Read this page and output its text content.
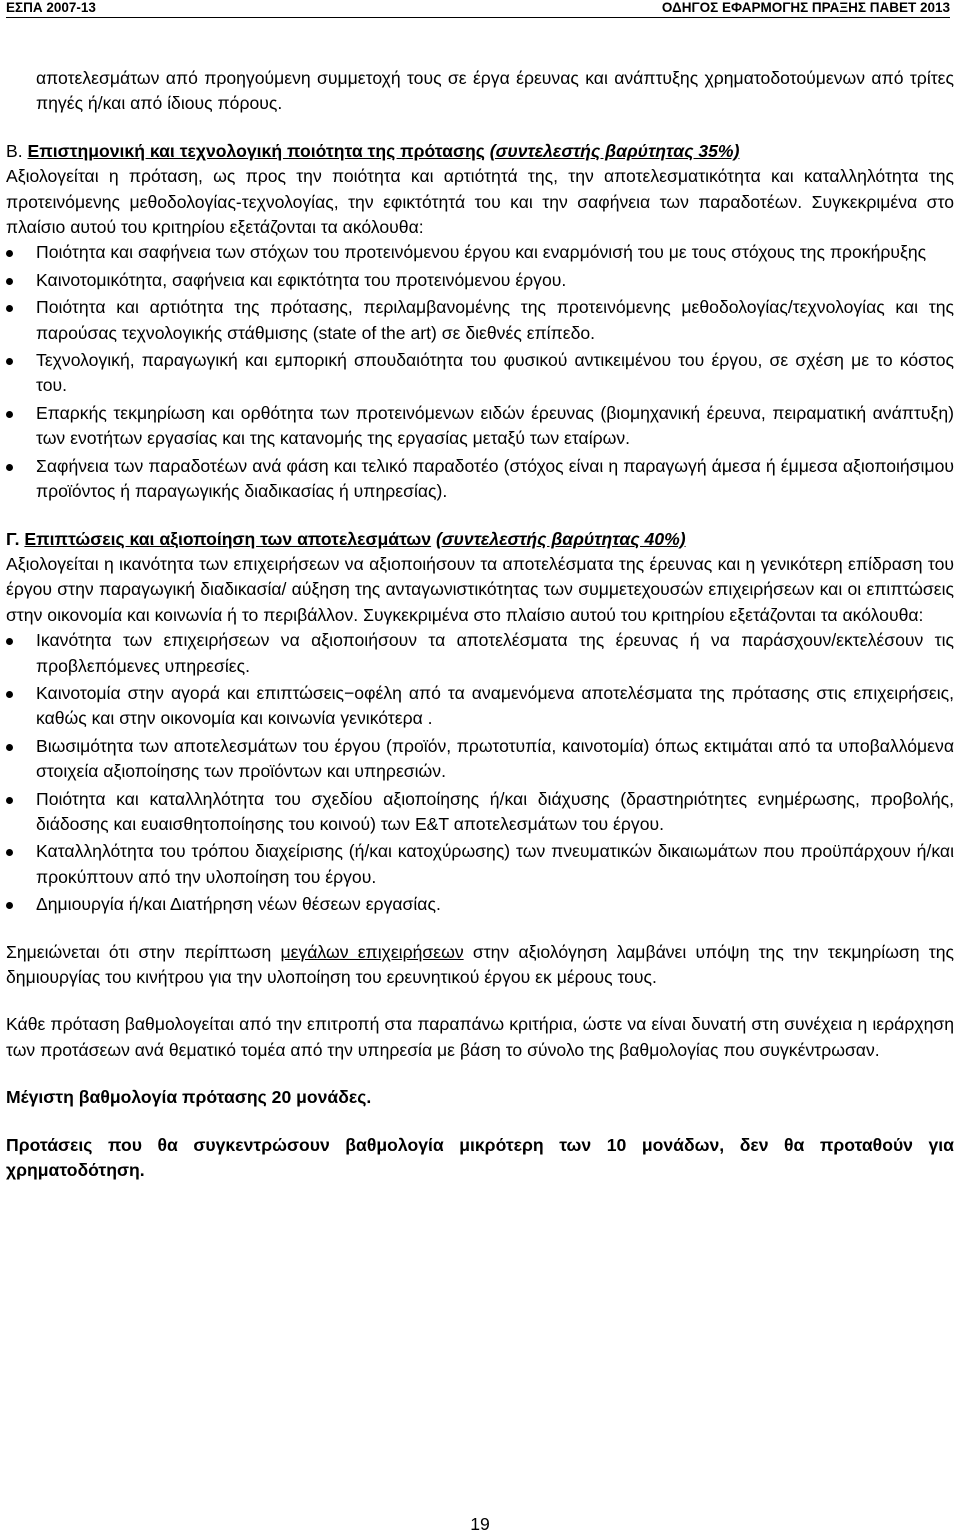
ΕΣΠΑ 2007-13	ΟΔΗΓΟΣ ΕΦΑΡΜΟΓΗΣ ΠΡΑΞΗΣ ΠΑΒΕΤ 2013

αποτελεσμάτων από προηγούμενη συμμετοχή τους σε έργα έρευνας και ανάπτυξης χρηματοδοτούμενων από τρίτες πηγές ή/και από ίδιους πόρους.

Β. Επιστημονική και τεχνολογική ποιότητα της πρότασης (συντελεστής βαρύτητας 35%)

Αξιολογείται η πρόταση, ως προς την ποιότητα και αρτιότητά της, την αποτελεσματικότητα και καταλληλότητα της προτεινόμενης μεθοδολογίας-τεχνολογίας, την εφικτότητά του και την σαφήνεια των παραδοτέων. Συγκεκριμένα στο πλαίσιο αυτού του κριτηρίου εξετάζονται τα ακόλουθα:

Ποιότητα και σαφήνεια των στόχων του προτεινόμενου έργου και εναρμόνισή του με τους στόχους της προκήρυξης
Καινοτομικότητα, σαφήνεια και εφικτότητα του προτεινόμενου έργου.
Ποιότητα και αρτιότητα της πρότασης, περιλαμβανομένης της προτεινόμενης μεθοδολογίας/τεχνολογίας και της παρούσας τεχνολογικής στάθμισης (state of the art) σε διεθνές επίπεδο.
Τεχνολογική, παραγωγική και εμπορική σπουδαιότητα του φυσικού αντικειμένου του έργου, σε σχέση με το κόστος του.
Επαρκής τεκμηρίωση και ορθότητα των προτεινόμενων ειδών έρευνας (βιομηχανική έρευνα, πειραματική ανάπτυξη) των ενοτήτων εργασίας και της κατανομής της εργασίας μεταξύ των εταίρων.
Σαφήνεια των παραδοτέων ανά φάση και τελικό παραδοτέο (στόχος είναι η παραγωγή άμεσα ή έμμεσα αξιοποιήσιμου προϊόντος ή παραγωγικής διαδικασίας ή υπηρεσίας).

Γ. Επιπτώσεις και αξιοποίηση των αποτελεσμάτων (συντελεστής βαρύτητας 40%)

Αξιολογείται η ικανότητα των επιχειρήσεων να αξιοποιήσουν τα αποτελέσματα της έρευνας και η γενικότερη επίδραση του έργου στην παραγωγική διαδικασία/ αύξηση της ανταγωνιστικότητας των συμμετεχουσών επιχειρήσεων και οι επιπτώσεις στην οικονομία και κοινωνία ή το περιβάλλον. Συγκεκριμένα στο πλαίσιο αυτού του κριτηρίου εξετάζονται τα ακόλουθα:

Ικανότητα των επιχειρήσεων να αξιοποιήσουν τα αποτελέσματα της έρευνας ή να παράσχουν/εκτελέσουν τις προβλεπόμενες υπηρεσίες.
Καινοτομία στην αγορά και επιπτώσεις−οφέλη από τα αναμενόμενα αποτελέσματα της πρότασης στις επιχειρήσεις, καθώς και στην οικονομία και κοινωνία γενικότερα .
Βιωσιμότητα των αποτελεσμάτων του έργου (προϊόν, πρωτοτυπία, καινοτομία) όπως εκτιμάται από τα υποβαλλόμενα στοιχεία αξιοποίησης των προϊόντων και υπηρεσιών.
Ποιότητα και καταλληλότητα του σχεδίου αξιοποίησης ή/και διάχυσης (δραστηριότητες ενημέρωσης, προβολής, διάδοσης και ευαισθητοποίησης του κοινού) των Ε&Τ αποτελεσμάτων του έργου.
Καταλληλότητα του τρόπου διαχείρισης (ή/και κατοχύρωσης) των πνευματικών δικαιωμάτων που προϋπάρχουν ή/και προκύπτουν από την υλοποίηση του έργου.
Δημιουργία ή/και Διατήρηση νέων θέσεων εργασίας.

Σημειώνεται ότι στην περίπτωση μεγάλων επιχειρήσεων στην αξιολόγηση λαμβάνει υπόψη της την τεκμηρίωση της δημιουργίας του κινήτρου για την υλοποίηση του ερευνητικού έργου εκ μέρους τους.

Κάθε πρόταση βαθμολογείται από την επιτροπή στα παραπάνω κριτήρια, ώστε να είναι δυνατή στη συνέχεια η ιεράρχηση των προτάσεων ανά θεματικό τομέα από την υπηρεσία με βάση το σύνολο της βαθμολογίας που συγκέντρωσαν.

Μέγιστη βαθμολογία πρότασης 20 μονάδες.

Προτάσεις που θα συγκεντρώσουν βαθμολογία μικρότερη των 10 μονάδων, δεν θα προταθούν για χρηματοδότηση.

19
